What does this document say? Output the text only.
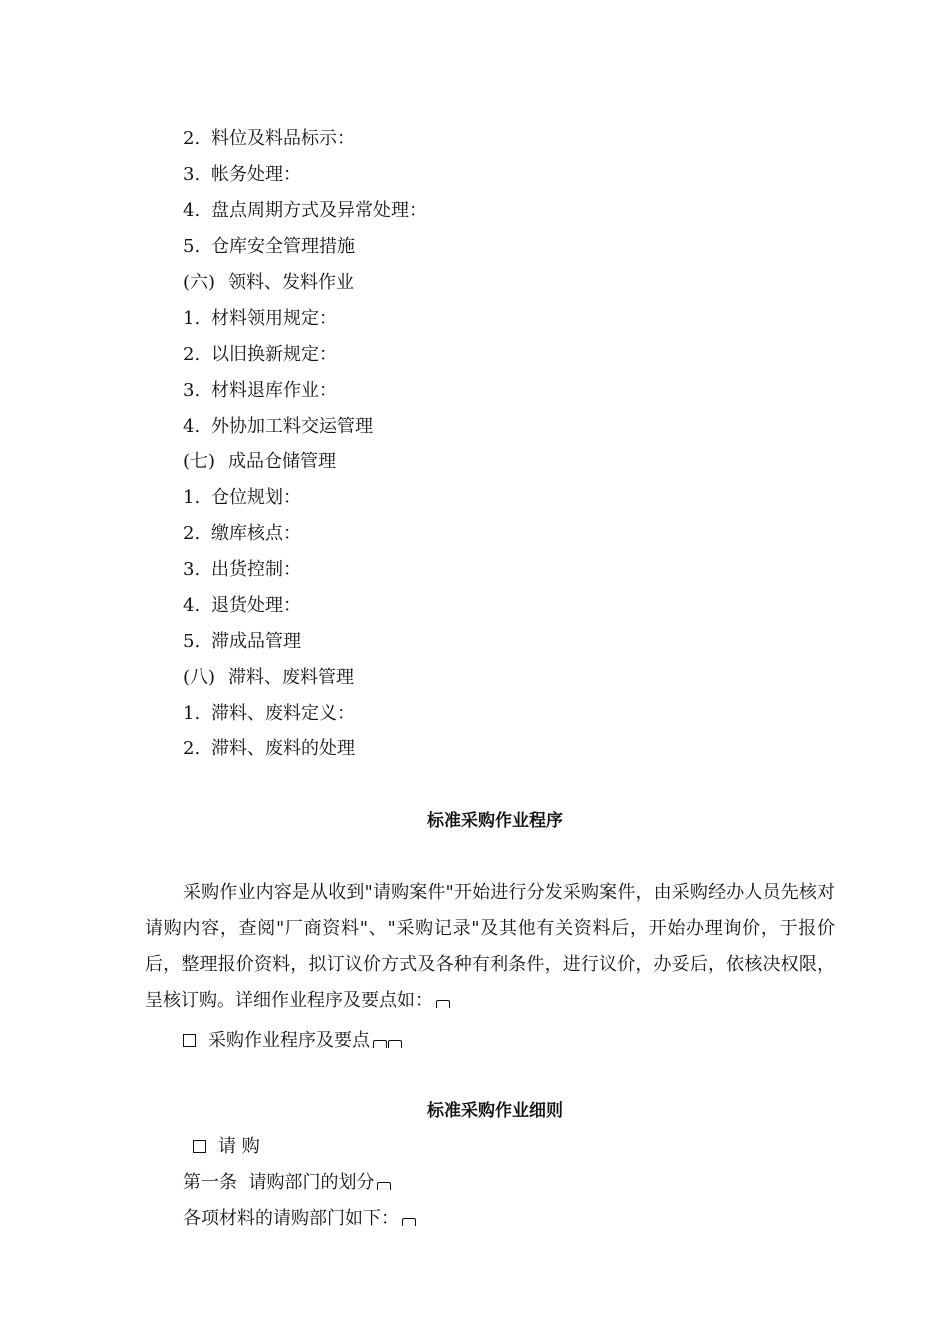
2. 料位及料品标示：
3. 帐务处理：
4. 盘点周期方式及异常处理：
5. 仓库安全管理措施
(六) 领料、发料作业
1. 材料领用规定：
2. 以旧换新规定：
3. 材料退库作业：
4. 外协加工料交运管理
(七) 成品仓储管理
1. 仓位规划：
2. 缴库核点：
3. 出货控制：
4. 退货处理：
5. 滞成品管理
(八) 滞料、废料管理
1. 滞料、废料定义：
2. 滞料、废料的处理
标准采购作业程序
采购作业内容是从收到"请购案件"开始进行分发采购案件，由采购经办人员先核对请购内容，查阅"厂商资料"、"采购记录"及其他有关资料后，开始办理询价，于报价后，整理报价资料，拟订议价方式及各种有利条件，进行议价，办妥后，依核决权限，呈核订购。详细作业程序及要点如：
采购作业程序及要点
标准采购作业细则
请 购
第一条  请购部门的划分
各项材料的请购部门如下：
